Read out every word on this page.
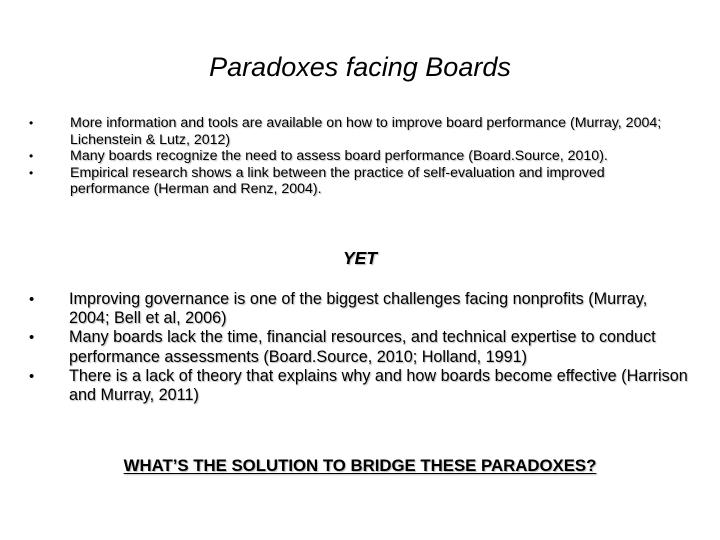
Paradoxes facing Boards
•	More information and tools are available on how to improve board performance (Murray, 2004; Lichenstein & Lutz, 2012)
•	Many boards recognize the need to assess board performance (Board.Source, 2010).
•	Empirical research shows a link between the practice of self-evaluation and improved performance (Herman and Renz, 2004).
YET
• Improving governance is one of the biggest challenges facing nonprofits (Murray, 2004; Bell et al, 2006)
• Many boards lack the time, financial resources, and technical expertise to conduct performance assessments (Board.Source, 2010; Holland, 1991)
• There is a lack of theory that explains why and how boards become effective (Harrison and Murray, 2011)
WHAT’S THE SOLUTION TO BRIDGE THESE PARADOXES?
